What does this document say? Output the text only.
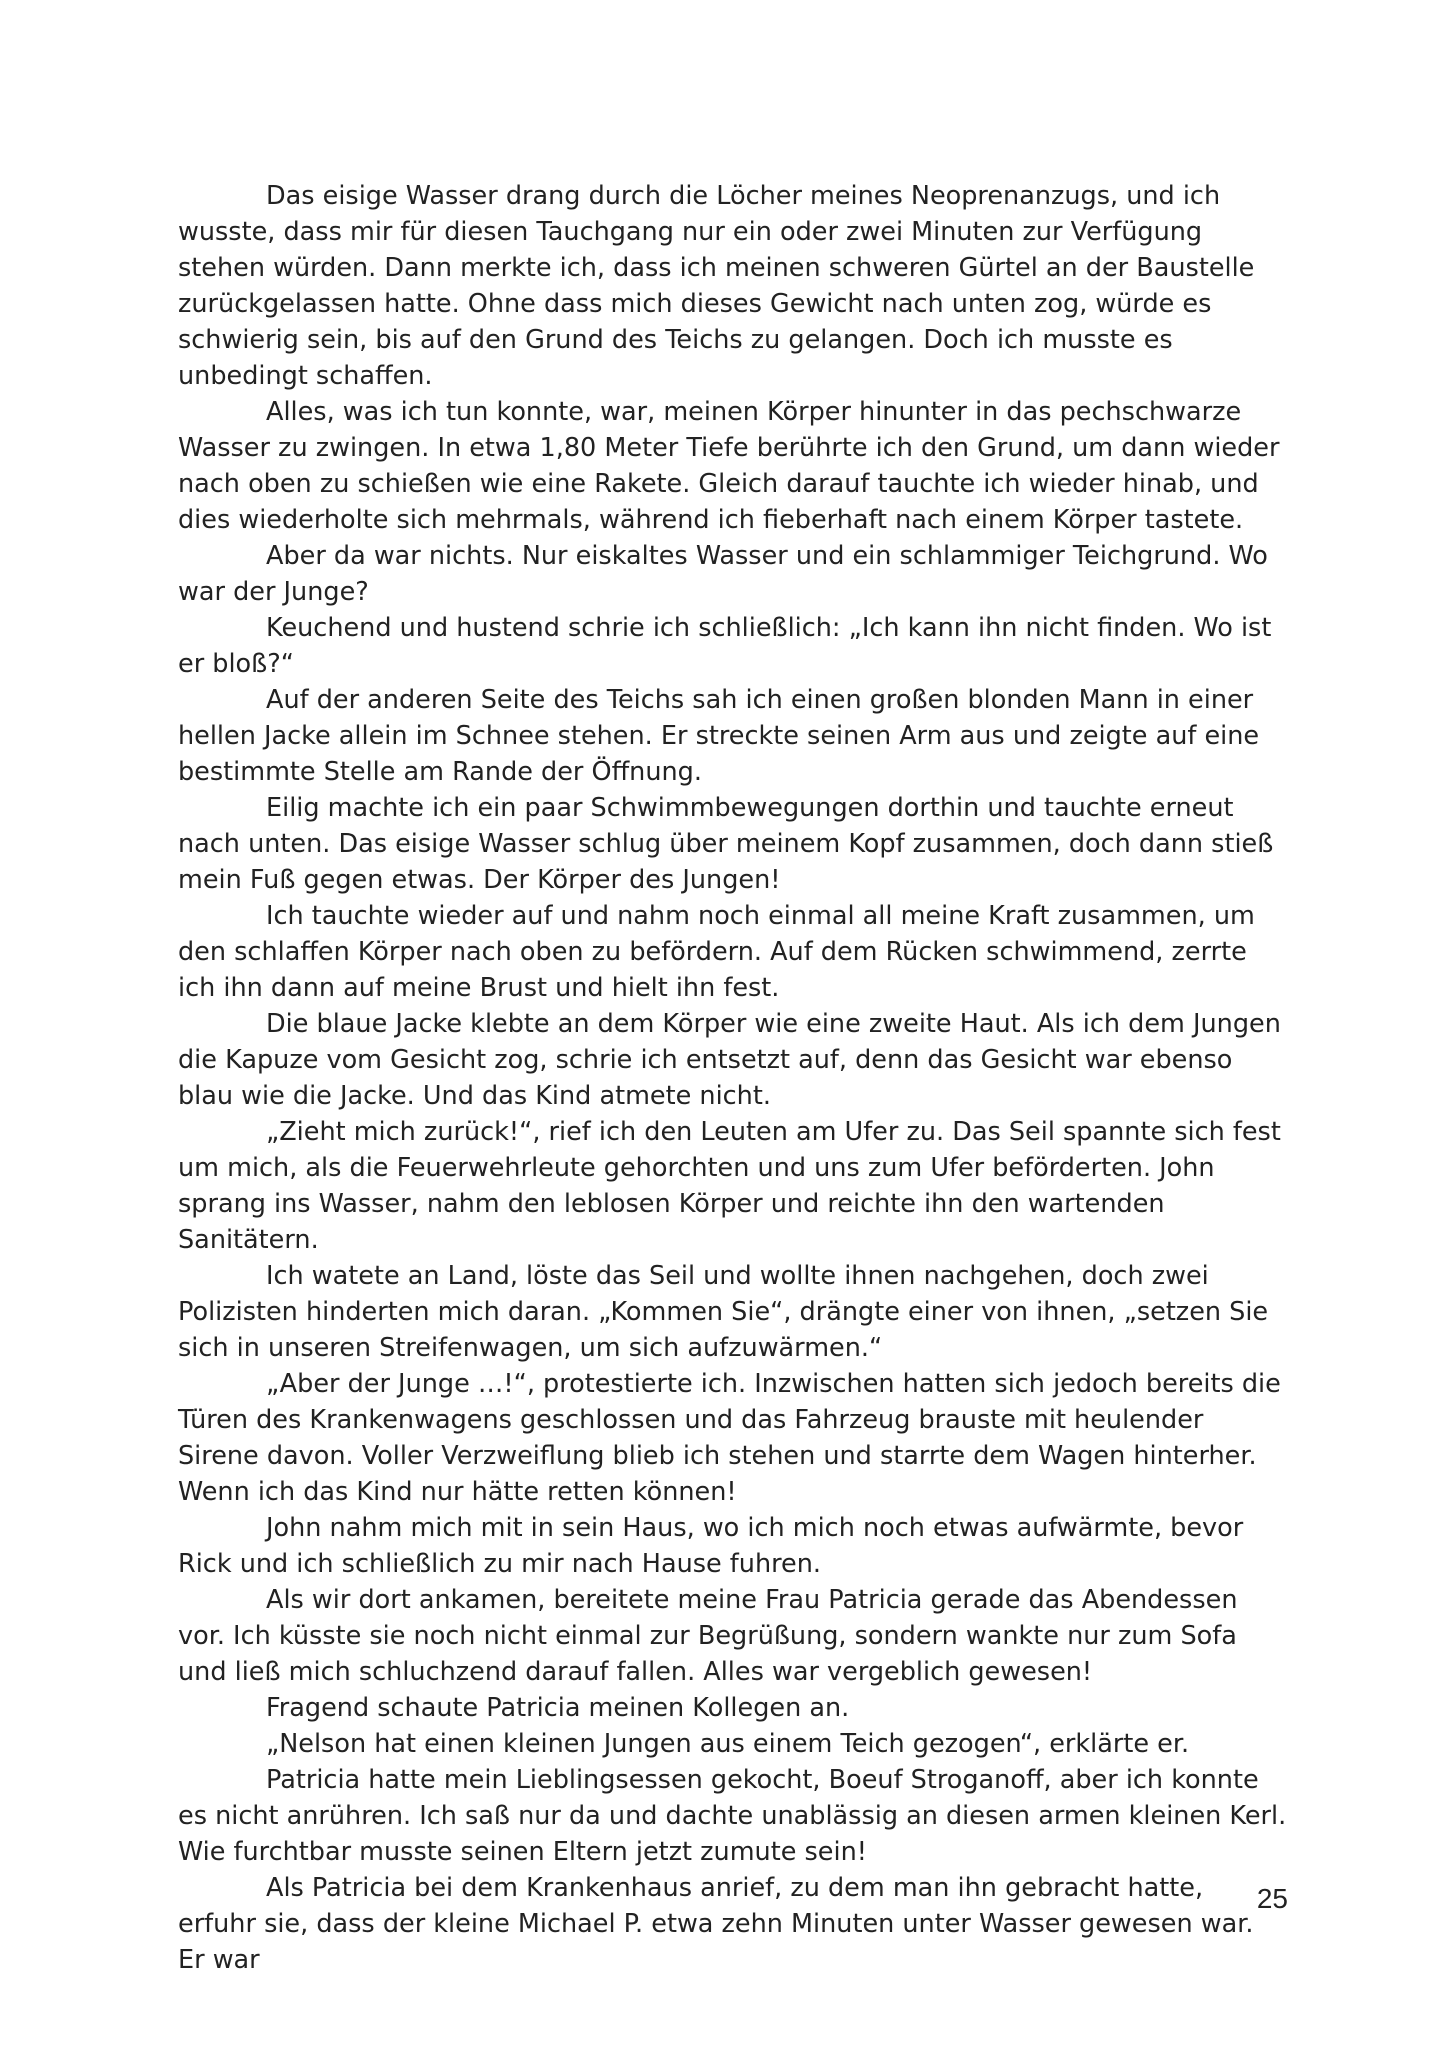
Das eisige Wasser drang durch die Löcher meines Neoprenanzugs, und ich wusste, dass mir für diesen Tauchgang nur ein oder zwei Minuten zur Verfügung stehen würden. Dann merkte ich, dass ich meinen schweren Gürtel an der Baustelle zurückgelassen hatte. Ohne dass mich dieses Gewicht nach unten zog, würde es schwierig sein, bis auf den Grund des Teichs zu gelangen. Doch ich musste es unbedingt schaffen.

Alles, was ich tun konnte, war, meinen Körper hinunter in das pechschwarze Wasser zu zwingen. In etwa 1,80 Meter Tiefe berührte ich den Grund, um dann wieder nach oben zu schießen wie eine Rakete. Gleich darauf tauchte ich wieder hinab, und dies wiederholte sich mehrmals, während ich fieberhaft nach einem Körper tastete.

Aber da war nichts. Nur eiskaltes Wasser und ein schlammiger Teichgrund. Wo war der Junge?

Keuchend und hustend schrie ich schließlich: „Ich kann ihn nicht finden. Wo ist er bloß?“

Auf der anderen Seite des Teichs sah ich einen großen blonden Mann in einer hellen Jacke allein im Schnee stehen. Er streckte seinen Arm aus und zeigte auf eine bestimmte Stelle am Rande der Öffnung.

Eilig machte ich ein paar Schwimmbewegungen dorthin und tauchte erneut nach unten. Das eisige Wasser schlug über meinem Kopf zusammen, doch dann stieß mein Fuß gegen etwas. Der Körper des Jungen!

Ich tauchte wieder auf und nahm noch einmal all meine Kraft zusammen, um den schlaffen Körper nach oben zu befördern. Auf dem Rücken schwimmend, zerrte ich ihn dann auf meine Brust und hielt ihn fest.

Die blaue Jacke klebte an dem Körper wie eine zweite Haut. Als ich dem Jungen die Kapuze vom Gesicht zog, schrie ich entsetzt auf, denn das Gesicht war ebenso blau wie die Jacke. Und das Kind atmete nicht.

„Zieht mich zurück!“, rief ich den Leuten am Ufer zu. Das Seil spannte sich fest um mich, als die Feuerwehrleute gehorchten und uns zum Ufer beförderten. John sprang ins Wasser, nahm den leblosen Körper und reichte ihn den wartenden Sanitätern.

Ich watete an Land, löste das Seil und wollte ihnen nachgehen, doch zwei Polizisten hinderten mich daran. „Kommen Sie“, drängte einer von ihnen, „setzen Sie sich in unseren Streifenwagen, um sich aufzuwärmen.“

„Aber der Junge …!“, protestierte ich. Inzwischen hatten sich jedoch bereits die Türen des Krankenwagens geschlossen und das Fahrzeug brauste mit heulender Sirene davon. Voller Verzweiflung blieb ich stehen und starrte dem Wagen hinterher. Wenn ich das Kind nur hätte retten können!

John nahm mich mit in sein Haus, wo ich mich noch etwas aufwärmte, bevor Rick und ich schließlich zu mir nach Hause fuhren.

Als wir dort ankamen, bereitete meine Frau Patricia gerade das Abendessen vor. Ich küsste sie noch nicht einmal zur Begrüßung, sondern wankte nur zum Sofa und ließ mich schluchzend darauf fallen. Alles war vergeblich gewesen!

Fragend schaute Patricia meinen Kollegen an.

„Nelson hat einen kleinen Jungen aus einem Teich gezogen“, erklärte er.

Patricia hatte mein Lieblingsessen gekocht, Boeuf Stroganoff, aber ich konnte es nicht anrühren. Ich saß nur da und dachte unablässig an diesen armen kleinen Kerl. Wie furchtbar musste seinen Eltern jetzt zumute sein!

Als Patricia bei dem Krankenhaus anrief, zu dem man ihn gebracht hatte, erfuhr sie, dass der kleine Michael P. etwa zehn Minuten unter Wasser gewesen war. Er war

25
